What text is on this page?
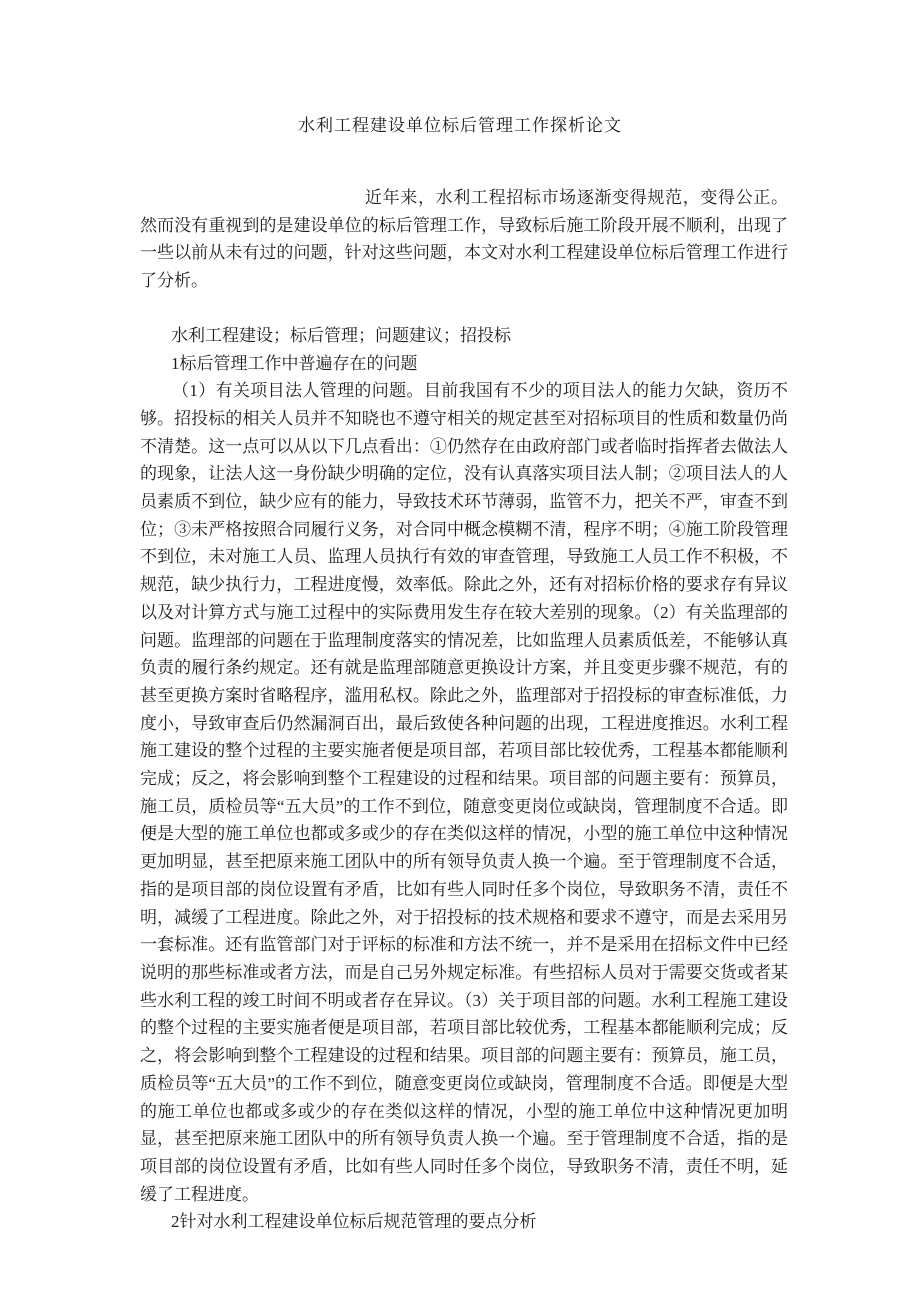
水利工程建设单位标后管理工作探析论文

近年来，水利工程招标市场逐渐变得规范，变得公正。然而没有重视到的是建设单位的标后管理工作，导致标后施工阶段开展不顺利，出现了一些以前从未有过的问题，针对这些问题，本文对水利工程建设单位标后管理工作进行了分析。

水利工程建设；标后管理；问题建议；招投标

1标后管理工作中普遍存在的问题

（1）有关项目法人管理的问题。目前我国有不少的项目法人的能力欠缺，资历不够。招投标的相关人员并不知晓也不遵守相关的规定甚至对招标项目的性质和数量仍尚不清楚。这一点可以从以下几点看出：①仍然存在由政府部门或者临时指挥者去做法人的现象，让法人这一身份缺少明确的定位，没有认真落实项目法人制；②项目法人的人员素质不到位，缺少应有的能力，导致技术环节薄弱，监管不力，把关不严，审查不到位；③未严格按照合同履行义务，对合同中概念模糊不清，程序不明；④施工阶段管理不到位，未对施工人员、监理人员执行有效的审查管理，导致施工人员工作不积极，不规范，缺少执行力，工程进度慢，效率低。除此之外，还有对招标价格的要求存有异议以及对计算方式与施工过程中的实际费用发生存在较大差别的现象。（2）有关监理部的问题。监理部的问题在于监理制度落实的情况差，比如监理人员素质低差，不能够认真负责的履行条约规定。还有就是监理部随意更换设计方案，并且变更步骤不规范，有的甚至更换方案时省略程序，滥用私权。除此之外，监理部对于招投标的审查标准低，力度小，导致审查后仍然漏洞百出，最后致使各种问题的出现，工程进度推迟。水利工程施工建设的整个过程的主要实施者便是项目部，若项目部比较优秀，工程基本都能顺利完成；反之，将会影响到整个工程建设的过程和结果。项目部的问题主要有：预算员，施工员，质检员等“五大员”的工作不到位，随意变更岗位或缺岗，管理制度不合适。即便是大型的施工单位也都或多或少的存在类似这样的情况，小型的施工单位中这种情况更加明显，甚至把原来施工团队中的所有领导负责人换一个遍。至于管理制度不合适，指的是项目部的岗位设置有矛盾，比如有些人同时任多个岗位，导致职务不清，责任不明，减缓了工程进度。除此之外，对于招投标的技术规格和要求不遵守，而是去采用另一套标准。还有监管部门对于评标的标准和方法不统一，并不是采用在招标文件中已经说明的那些标准或者方法，而是自己另外规定标准。有些招标人员对于需要交货或者某些水利工程的竣工时间不明或者存在异议。（3）关于项目部的问题。水利工程施工建设的整个过程的主要实施者便是项目部，若项目部比较优秀，工程基本都能顺利完成；反之，将会影响到整个工程建设的过程和结果。项目部的问题主要有：预算员，施工员，质检员等“五大员”的工作不到位，随意变更岗位或缺岗，管理制度不合适。即便是大型的施工单位也都或多或少的存在类似这样的情况，小型的施工单位中这种情况更加明显，甚至把原来施工团队中的所有领导负责人换一个遍。至于管理制度不合适，指的是项目部的岗位设置有矛盾，比如有些人同时任多个岗位，导致职务不清，责任不明，延缓了工程进度。

2针对水利工程建设单位标后规范管理的要点分析
